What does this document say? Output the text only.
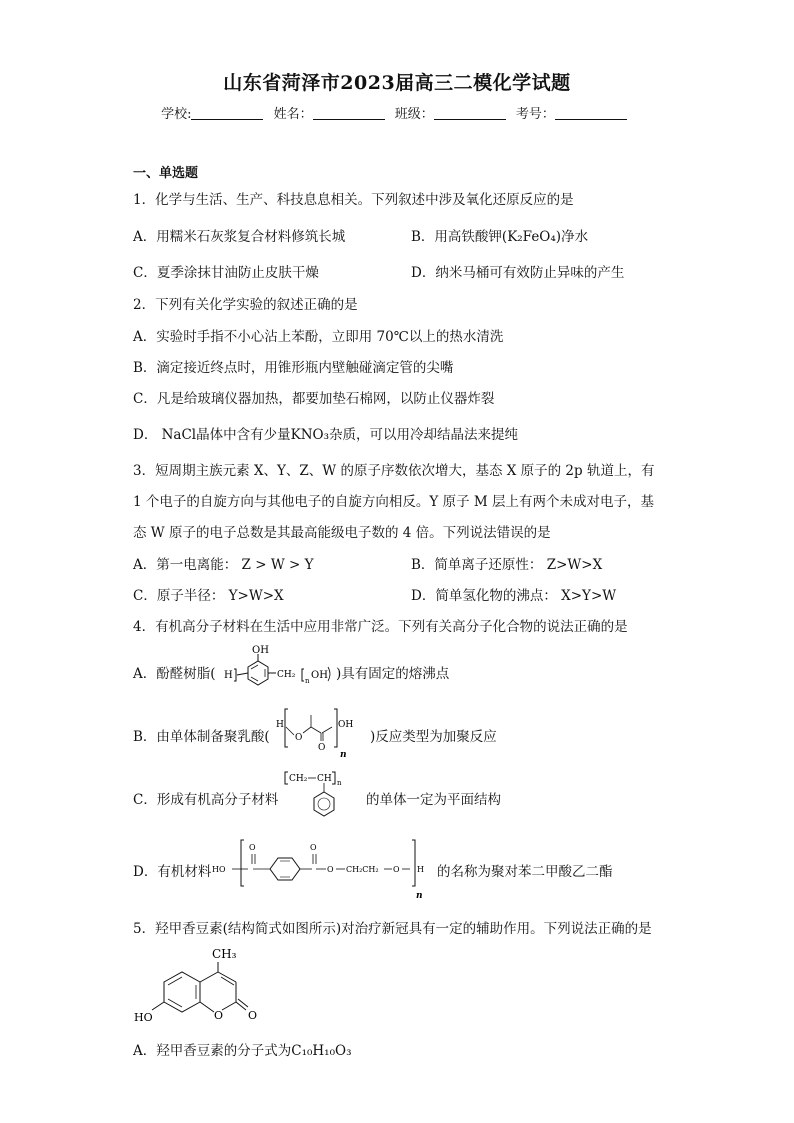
山东省菏泽市2023届高三二模化学试题
学校:	姓名：	班级：	考号：
一、单选题
1．化学与生活、生产、科技息息相关。下列叙述中涉及氧化还原反应的是
A．用糯米石灰浆复合材料修筑长城	B．用高铁酸钾(K₂FeO₄)净水
C．夏季涂抹甘油防止皮肤干燥	D．纳米马桶可有效防止异味的产生
2．下列有关化学实验的叙述正确的是
A．实验时手指不小心沾上苯酚，立即用 70℃以上的热水清洗
B．滴定接近终点时，用锥形瓶内壁触碰滴定管的尖嘴
C．凡是给玻璃仪器加热，都要加垫石棉网，以防止仪器炸裂
D． NaCl晶体中含有少量KNO₃杂质，可以用冷却结晶法来提纯
3．短周期主族元素 X、Y、Z、W 的原子序数依次增大，基态 X 原子的 2p 轨道上，有
1 个电子的自旋方向与其他电子的自旋方向相反。Y 原子 M 层上有两个未成对电子，基
态 W 原子的电子总数是其最高能级电子数的 4 倍。下列说法错误的是
A．第一电离能： Z > W > Y	B．简单离子还原性： Z>W>X
C．原子半径： Y>W>X	D．简单氢化物的沸点： X>Y>W
4．有机高分子材料在生活中应用非常广泛。下列有关高分子化合物的说法正确的是
A．酚醛树脂( H
OH
CH₂
n OH )具有固定的熔沸点
B．由单体制备聚乳酸(
H
O
O
OH
n
)反应类型为加聚反应
C．形成有机高分子材料
CH₂ CH n
的单体一定为平面结构
D．有机材料 HO
O	O
O CH₂CH₂ O H
n
的名称为聚对苯二甲酸乙二酯
5．羟甲香豆素(结构简式如图所示)对治疗新冠具有一定的辅助作用。下列说法正确的是
CH₃
O O
HO
A．羟甲香豆素的分子式为C₁₀H₁₀O₃
